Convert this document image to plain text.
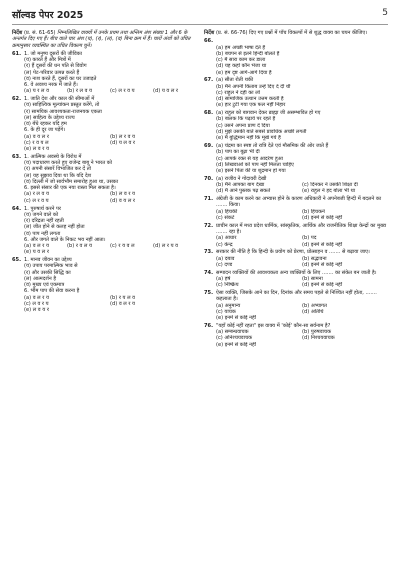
सॉल्वड पेपर 2025	5
निर्देश (प्र. सं. 61-65) निम्नलिखित वाक्यों में उनके प्रथम तथा अन्तिम अंश संख्या 1 और 6 के अन्तर्गत दिए गए हैं। बीच वाले चार अंश (य), (र), (ल), (व) बिना क्रम में हैं। चारों अंशों को उचित क्रमानुसार व्यवस्थित का उचित विकल्प चुनें।
61. 1. जो मनुष्य दूसरों की जीविका
(य) कारते हैं और मित्रों में
(र) हैं दूसरों की धन पति से विवोग
(ल) पेट-परिवार उत्पन्न करते हैं
(व) नाश करते हैं, दूसरों का घर उजाड़ते
6. वे अवश्य नरक में जाते हैं।
(a) य र ल व	(b) र ल व य	(c) ल र व य	(d) य व ल र
62. 1. जाति देश और काल की सीमाओं में
(य) साहित्यिक मूल्यांकन प्रस्तुत करेंगे, तो
(र) सामयिक आवश्यकता-राजनयक एकता
(ल) साहित्य के उद्देश्य राज्य
(व) बँधे रहकर यदि हम
6. के ही दूर जा पड़ेंगे।
(a) व य ल र	(b) ल र व य
(c) र व य ल	(d) य ल व र
(e) ल व र य
63. 1. आत्मिक अवस्थे के विरोध में
(य) पदाधारण करते हुए राजेन्द्र बाबू ने भारत को
(र) अपनी संसारें विभाजित कर दें तो
(ल) यह सुझाव दिया था कि यदि देश
(व) दिल्ली में जो सार्वभौम समारोह हुआ था, उसका
6. इससे संसार की एक नया रास्ता मिल सकता है।
(a) र ल व य	(b) ल व र य
(c) ल र व य	(d) व य ल र
64. 1. पुरुषार्थ करने पर
(य) जगने वाले को
(र) दरिद्रता नहीं रहती
(ल) जीत होने से कलह नहीं होता
(व) पाप नहीं लगता
6. और जगते वाले के निकट भय नहीं आता।
(a) व ल र य	(b) र व ल य	(c) र य व ल	(d) ल र य व
(e) य व ल र
65. 1. मानव जीवन का उद्देश्य
(य) उपाय परमात्मिक भाव से
(र) और उसकी सिद्धि का
(ल) आत्मदर्शन है
(व) मुख्य एवं एकमात्र
6. भीम पाप की सेवा करना है
(a) व ल र य	(b) र य ल व
(c) ल व र य	(d) व ल र य
(e) ल व य र
निर्देश (प्र. सं. 66-76) दिए गए प्रश्नों में पाँच विकल्पों में से शुद्ध वाक्य का चयन कीजिए।
66.
(a) हम अच्छी भाषा देते हैं
(b) बचपन से इतने हिन्दी बोलते हैं
(c) मैं सारा काम कर डाला
(d) यह कहो कौन भेजा था
(e) हम दृष्ट आगे-आगे दिया है
67. (a) सीता रोती थकी
(b) मैंने अपनी किताब उन्हें दिए दे दी थी
(c) राहुल ने दही का लो
(d) सामाजिक उत्थान उत्तम करती है
(e) हार टुटी गया एक फल नहीं निहार
68. (a) राहुल को बाग़वान देकर ब्राह्मा जी असम्भावित हो गए
(b) बालक कि पढ़ाये पर रहते हैं
(c) उसने अपना प्राण दे दिया
(d) मुझे उसकी बातें सबसे प्रावधिक अच्छी लगती
(e) मैं बुद्धिमान नहीं कि मूर्ख गये हैं
69. (a) चंद्रमा का स्पष्ट तो रात्रि देते एवं मौसमिक की ओर जाते हैं
(b) पाप का बुढ़ा भी दी
(c) आपके रक्त से यह आदरेण हुआ
(d) लिखवाओ को पाप नहीं मिलता चाहिए
(e) इसने पिता की या शूद्रमान हो गया
70. (a) राजीव ने गोदावरी देखी
(b) मैंने आपका बाग देखा	(c) दिनकर ने उसकी शिक्षा दी
(d) मैं आने पुस्तक पढ़ सकते	(e) राहुल ने हद बोला भी था
71. अंग्रेजी के काम करने का अभ्यास होने के कारण अधिकारी ने अपनेबजी हिन्दी में बदलने का ....... किया।
(a) हिचकी	(b) हिचकने
(c) संकटे	(d) इनमें से कोई नहीं
72. प्राचीन काल में मध्य प्रदेश धार्मिक, सांस्कृतिक, आर्थिक और राजनीतिक शिक्षा केन्द्रों का मुख्य ....... रहा है।
(a) आधार	(b) पद
(c) केन्द्र	(d) इनमें से कोई नहीं
73. सरकार की नीति है कि हिन्दी के प्रयोग को प्रेरणा, प्रोत्साहन व ....... से बढ़ाया जाए।
(a) दबाव	(b) सद्भावना
(c) दण्ड	(d) इनमें से कोई नहीं
74. सम्पादन व्यक्तियों की आवश्यकता अन्य व्यक्तियों के लिए ....... का संकेत बन जाती है।
(a) हर्ष	(b) सामना
(c) निष्क्रिय	(d) इनमें से कोई नहीं
75. ऐसा व्यक्ति, जिसके आने का दिन, दिनांक और समय पहले से निश्चित नहीं होता, ....... कहलाता है।
(a) अनुमान्य	(b) अभ्यागत
(c) याचक	(d) अतिथि
(e) इनमें से कोई नहीं
76. "यहाँ कोई नहीं रहता" इस वाक्य में 'कोई' कौन-सा सर्वनाम है?
(a) सम्बन्धवाचक	(b) पुरुषवाचक
(c) अनिश्चयवाचक	(d) निश्चयवाचक
(e) इनमें से कोई नहीं
